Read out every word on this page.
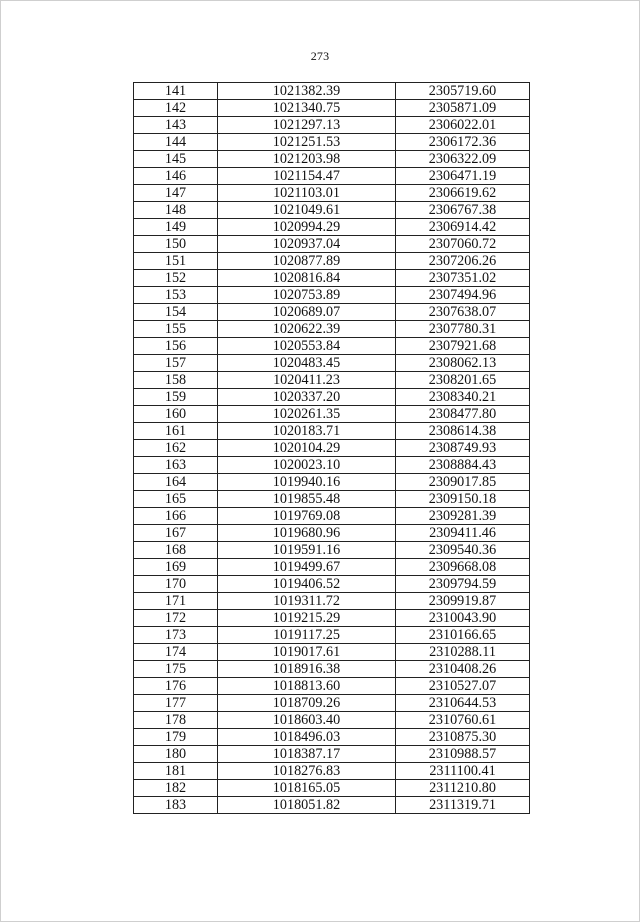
273
141	1021382.39	2305719.60
142	1021340.75	2305871.09
143	1021297.13	2306022.01
144	1021251.53	2306172.36
145	1021203.98	2306322.09
146	1021154.47	2306471.19
147	1021103.01	2306619.62
148	1021049.61	2306767.38
149	1020994.29	2306914.42
150	1020937.04	2307060.72
151	1020877.89	2307206.26
152	1020816.84	2307351.02
153	1020753.89	2307494.96
154	1020689.07	2307638.07
155	1020622.39	2307780.31
156	1020553.84	2307921.68
157	1020483.45	2308062.13
158	1020411.23	2308201.65
159	1020337.20	2308340.21
160	1020261.35	2308477.80
161	1020183.71	2308614.38
162	1020104.29	2308749.93
163	1020023.10	2308884.43
164	1019940.16	2309017.85
165	1019855.48	2309150.18
166	1019769.08	2309281.39
167	1019680.96	2309411.46
168	1019591.16	2309540.36
169	1019499.67	2309668.08
170	1019406.52	2309794.59
171	1019311.72	2309919.87
172	1019215.29	2310043.90
173	1019117.25	2310166.65
174	1019017.61	2310288.11
175	1018916.38	2310408.26
176	1018813.60	2310527.07
177	1018709.26	2310644.53
178	1018603.40	2310760.61
179	1018496.03	2310875.30
180	1018387.17	2310988.57
181	1018276.83	2311100.41
182	1018165.05	2311210.80
183	1018051.82	2311319.71
